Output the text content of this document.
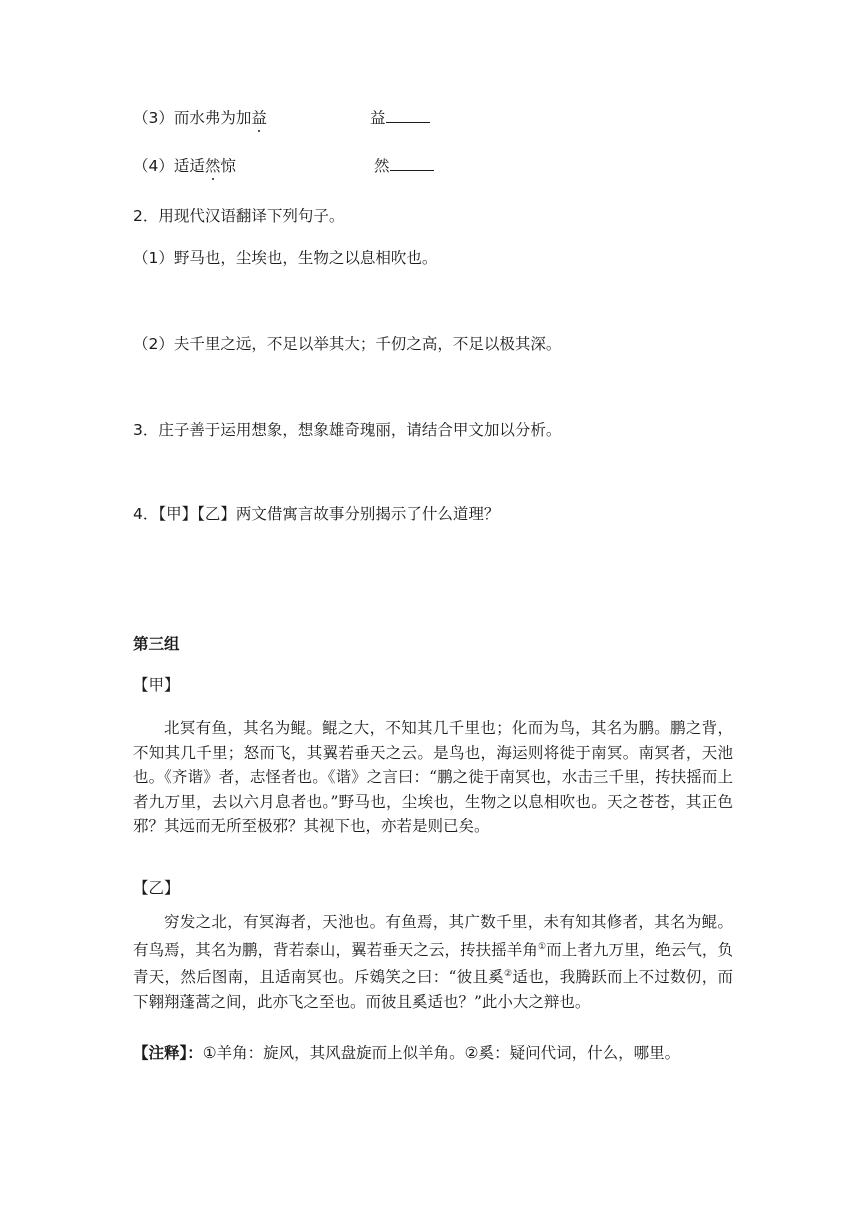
（3）而水弗为加益	益
（4）适适然惊	然
2．用现代汉语翻译下列句子。
（1）野马也，尘埃也，生物之以息相吹也。
（2）夫千里之远，不足以举其大；千仞之高，不足以极其深。
3．庄子善于运用想象，想象雄奇瑰丽，请结合甲文加以分析。
4．【甲】【乙】两文借寓言故事分别揭示了什么道理？
第三组
【甲】
北冥有鱼，其名为鲲。鲲之大，不知其几千里也；化而为鸟，其名为鹏。鹏之背，不知其几千里；怒而飞，其翼若垂天之云。是鸟也，海运则将徙于南冥。南冥者，天池也。《齐谐》者，志怪者也。《谐》之言曰：“鹏之徙于南冥也，水击三千里，抟扶摇而上者九万里，去以六月息者也。”野马也，尘埃也，生物之以息相吹也。天之苍苍，其正色邪？其远而无所至极邪？其视下也，亦若是则已矣。
【乙】
穷发之北，有冥海者，天池也。有鱼焉，其广数千里，未有知其修者，其名为鲲。有鸟焉，其名为鹏，背若泰山，翼若垂天之云，抟扶摇羊角①而上者九万里，绝云气，负青天，然后图南，且适南冥也。斥鴳笑之曰：“彼且奚②适也，我腾跃而上不过数仞，而下翱翔蓬蒿之间，此亦飞之至也。而彼且奚适也？”此小大之辩也。
【注释】：①羊角：旋风，其风盘旋而上似羊角。②奚：疑问代词，什么，哪里。
